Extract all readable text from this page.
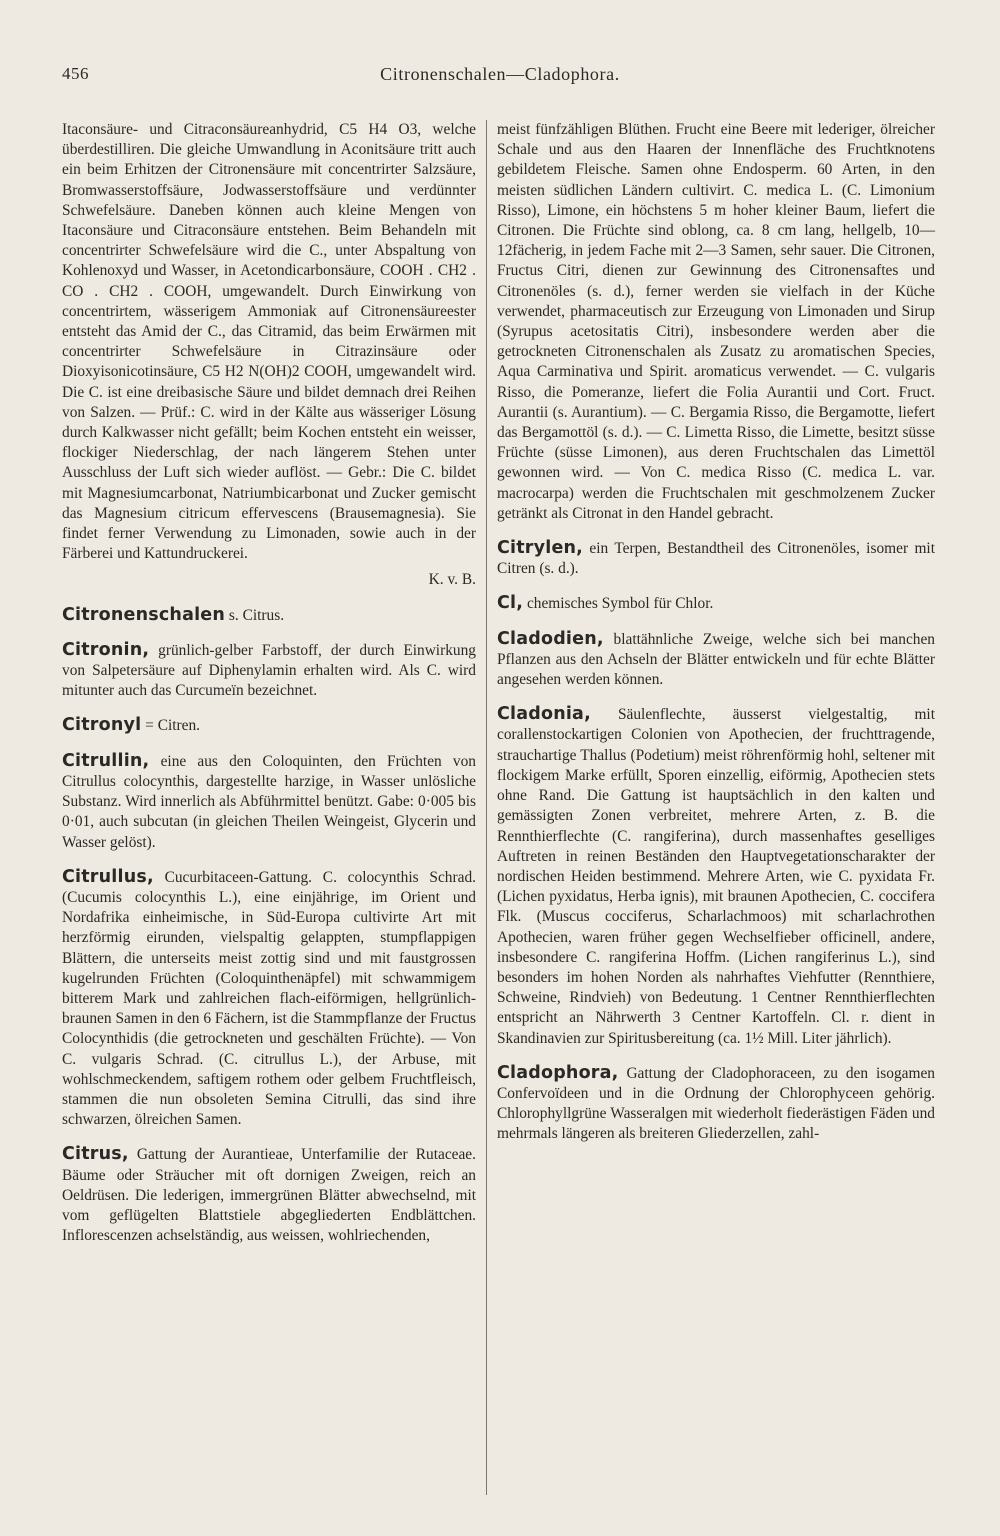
456	Citronenschalen—Cladophora.

Itaconsäure- und Citraconsäureanhydrid, C5 H4 O3, welche überdestilliren. Die gleiche Umwandlung in Aconitsäure tritt auch ein beim Erhitzen der Citronensäure mit concentrirter Salzsäure, Bromwasserstoffsäure, Jodwasserstoffsäure und verdünnter Schwefelsäure. Daneben können auch kleine Mengen von Itaconsäure und Citraconsäure entstehen. Beim Behandeln mit concentrirter Schwefelsäure wird die C., unter Abspaltung von Kohlenoxyd und Wasser, in Acetondicarbonsäure, COOH . CH2 . CO . CH2 . COOH, umgewandelt. Durch Einwirkung von concentrirtem, wässerigem Ammoniak auf Citronensäureester entsteht das Amid der C., das Citramid, das beim Erwärmen mit concentrirter Schwefelsäure in Citrazinsäure oder Dioxyisonicotinsäure, C5 H2 N(OH)2 COOH, umgewandelt wird. Die C. ist eine dreibasische Säure und bildet demnach drei Reihen von Salzen. — Prüf.: C. wird in der Kälte aus wässeriger Lösung durch Kalkwasser nicht gefällt; beim Kochen entsteht ein weisser, flockiger Niederschlag, der nach längerem Stehen unter Ausschluss der Luft sich wieder auflöst. — Gebr.: Die C. bildet mit Magnesiumcarbonat, Natriumbicarbonat und Zucker gemischt das Magnesium citricum effervescens (Brausemagnesia). Sie findet ferner Verwendung zu Limonaden, sowie auch in der Färberei und Kattundruckerei.

K. v. B.

Citronenschalen s. Citrus.

Citronin, grünlich-gelber Farbstoff, der durch Einwirkung von Salpetersäure auf Diphenylamin erhalten wird. Als C. wird mitunter auch das Curcumeïn bezeichnet.

Citronyl = Citren.

Citrullin, eine aus den Coloquinten, den Früchten von Citrullus colocynthis, dargestellte harzige, in Wasser unlösliche Substanz. Wird innerlich als Abführmittel benützt. Gabe: 0·005 bis 0·01, auch subcutan (in gleichen Theilen Weingeist, Glycerin und Wasser gelöst).

Citrullus, Cucurbitaceen-Gattung. C. colocynthis Schrad. (Cucumis colocynthis L.), eine einjährige, im Orient und Nordafrika einheimische, in Süd-Europa cultivirte Art mit herzförmig eirunden, vielspaltig gelappten, stumpflappigen Blättern, die unterseits meist zottig sind und mit faustgrossen kugelrunden Früchten (Coloquinthenäpfel) mit schwammigem bitterem Mark und zahlreichen flach-eiförmigen, hellgrünlich-braunen Samen in den 6 Fächern, ist die Stammpflanze der Fructus Colocynthidis (die getrockneten und geschälten Früchte). — Von C. vulgaris Schrad. (C. citrullus L.), der Arbuse, mit wohlschmeckendem, saftigem rothem oder gelbem Fruchtfleisch, stammen die nun obsoleten Semina Citrulli, das sind ihre schwarzen, ölreichen Samen.

Citrus, Gattung der Aurantieae, Unterfamilie der Rutaceae. Bäume oder Sträucher mit oft dornigen Zweigen, reich an Oeldrüsen. Die lederigen, immergrünen Blätter abwechselnd, mit vom geflügelten Blattstiele abgegliederten Endblättchen. Inflorescenzen achselständig, aus weissen, wohlriechenden,

meist fünfzähligen Blüthen. Frucht eine Beere mit lederiger, ölreicher Schale und aus den Haaren der Innenfläche des Fruchtknotens gebildetem Fleische. Samen ohne Endosperm. 60 Arten, in den meisten südlichen Ländern cultivirt. C. medica L. (C. Limonium Risso), Limone, ein höchstens 5 m hoher kleiner Baum, liefert die Citronen. Die Früchte sind oblong, ca. 8 cm lang, hellgelb, 10—12fächerig, in jedem Fache mit 2—3 Samen, sehr sauer. Die Citronen, Fructus Citri, dienen zur Gewinnung des Citronensaftes und Citronenöles (s. d.), ferner werden sie vielfach in der Küche verwendet, pharmaceutisch zur Erzeugung von Limonaden und Sirup (Syrupus acetositatis Citri), insbesondere werden aber die getrockneten Citronenschalen als Zusatz zu aromatischen Species, Aqua Carminativa und Spirit. aromaticus verwendet. — C. vulgaris Risso, die Pomeranze, liefert die Folia Aurantii und Cort. Fruct. Aurantii (s. Aurantium). — C. Bergamia Risso, die Bergamotte, liefert das Bergamottöl (s. d.). — C. Limetta Risso, die Limette, besitzt süsse Früchte (süsse Limonen), aus deren Fruchtschalen das Limettöl gewonnen wird. — Von C. medica Risso (C. medica L. var. macrocarpa) werden die Fruchtschalen mit geschmolzenem Zucker getränkt als Citronat in den Handel gebracht.

Citrylen, ein Terpen, Bestandtheil des Citronenöles, isomer mit Citren (s. d.).

Cl, chemisches Symbol für Chlor.

Cladodien, blattähnliche Zweige, welche sich bei manchen Pflanzen aus den Achseln der Blätter entwickeln und für echte Blätter angesehen werden können.

Cladonia, Säulenflechte, äusserst vielgestaltig, mit corallenstockartigen Colonien von Apothecien, der fruchttragende, strauchartige Thallus (Podetium) meist röhrenförmig hohl, seltener mit flockigem Marke erfüllt, Sporen einzellig, eiförmig, Apothecien stets ohne Rand. Die Gattung ist hauptsächlich in den kalten und gemässigten Zonen verbreitet, mehrere Arten, z. B. die Rennthierflechte (C. rangiferina), durch massenhaftes geselliges Auftreten in reinen Beständen den Hauptvegetationscharakter der nordischen Heiden bestimmend. Mehrere Arten, wie C. pyxidata Fr. (Lichen pyxidatus, Herba ignis), mit braunen Apothecien, C. coccifera Flk. (Muscus cocciferus, Scharlachmoos) mit scharlachrothen Apothecien, waren früher gegen Wechselfieber officinell, andere, insbesondere C. rangiferina Hoffm. (Lichen rangiferinus L.), sind besonders im hohen Norden als nahrhaftes Viehfutter (Rennthiere, Schweine, Rindvieh) von Bedeutung. 1 Centner Rennthierflechten entspricht an Nährwerth 3 Centner Kartoffeln. Cl. r. dient in Skandinavien zur Spiritusbereitung (ca. 1½ Mill. Liter jährlich).

Cladophora, Gattung der Cladophoraceen, zu den isogamen Confervoïdeen und in die Ordnung der Chlorophyceen gehörig. Chlorophyllgrüne Wasseralgen mit wiederholt fiederästigen Fäden und mehrmals längeren als breiteren Gliederzellen, zahl-
